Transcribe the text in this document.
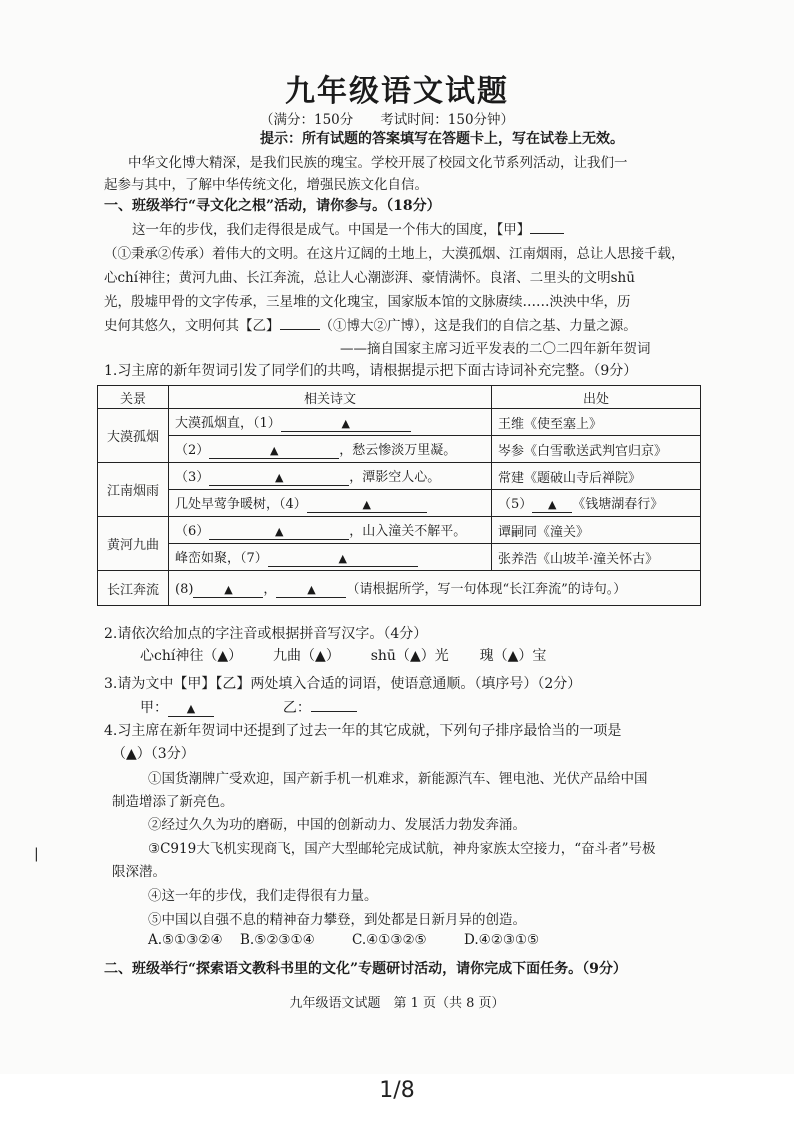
九年级语文试题
（满分：150分　　考试时间：150分钟）
提示：所有试题的答案填写在答题卡上，写在试卷上无效。
中华文化博大精深，是我们民族的瑰宝。学校开展了校园文化节系列活动，让我们一
起参与其中，了解中华传统文化，增强民族文化自信。
一、班级举行“寻文化之根”活动，请你参与。（18分）
这一年的步伐，我们走得很是成气。中国是一个伟大的国度，【甲】
（①秉承②传承）着伟大的文明。在这片辽阔的土地上，大漠孤烟、江南烟雨，总让人思接千载，
心chí神往；黄河九曲、长江奔流，总让人心潮澎湃、豪情满怀。良渚、二里头的文明shū
光，殷墟甲骨的文字传承，三星堆的文化瑰宝，国家版本馆的文脉赓续……泱泱中华，历
史何其悠久，文明何其【乙】	（①博大②广博），这是我们的自信之基、力量之源。
——摘自国家主席习近平发表的二〇二四年新年贺词
1.习主席的新年贺词引发了同学们的共鸣，请根据提示把下面古诗词补充完整。（9分）
关景	相关诗文	出处
大漠孤烟	大漠孤烟直，（1） ▲	王维《使至塞上》
	（2） ▲ ，愁云惨淡万里凝。	岑参《白雪歌送武判官归京》
江南烟雨	（3） ▲ ，潭影空人心。	常建《题破山寺后禅院》
	几处早莺争暖树，（4） ▲	（5） ▲ 《钱塘湖春行》
黄河九曲	（6） ▲ ，山入潼关不解平。	谭嗣同《潼关》
	峰峦如聚，（7） ▲	张养浩《山坡羊·潼关怀古》
长江奔流	(8) ▲ ， ▲ （请根据所学，写一句体现“长江奔流”的诗句。）	
2.请依次给加点的字注音或根据拼音写汉字。（4分）
心chí神往（▲） 九曲（▲） shū（▲）光 瑰（▲）宝
3.请为文中【甲】【乙】两处填入合适的词语，使语意通顺。（填序号）（2分）
甲： ▲	乙：
4.习主席在新年贺词中还提到了过去一年的其它成就，下列句子排序最恰当的一项是
（▲）（3分）
①国货潮牌广受欢迎，国产新手机一机难求，新能源汽车、锂电池、光伏产品给中国
制造增添了新亮色。
②经过久久为功的磨砺，中国的创新动力、发展活力勃发奔涌。
③C919大飞机实现商飞，国产大型邮轮完成试航，神舟家族太空接力，“奋斗者”号极
限深潜。
④这一年的步伐，我们走得很有力量。
⑤中国以自强不息的精神奋力攀登，到处都是日新月异的创造。
A.⑤①③②④ B.⑤②③①④	C.④①③②⑤	D.④②③①⑤
二、班级举行“探索语文教科书里的文化”专题研讨活动，请你完成下面任务。（9分）
|
九年级语文试题　第 1 页（共 8 页）
1/8
